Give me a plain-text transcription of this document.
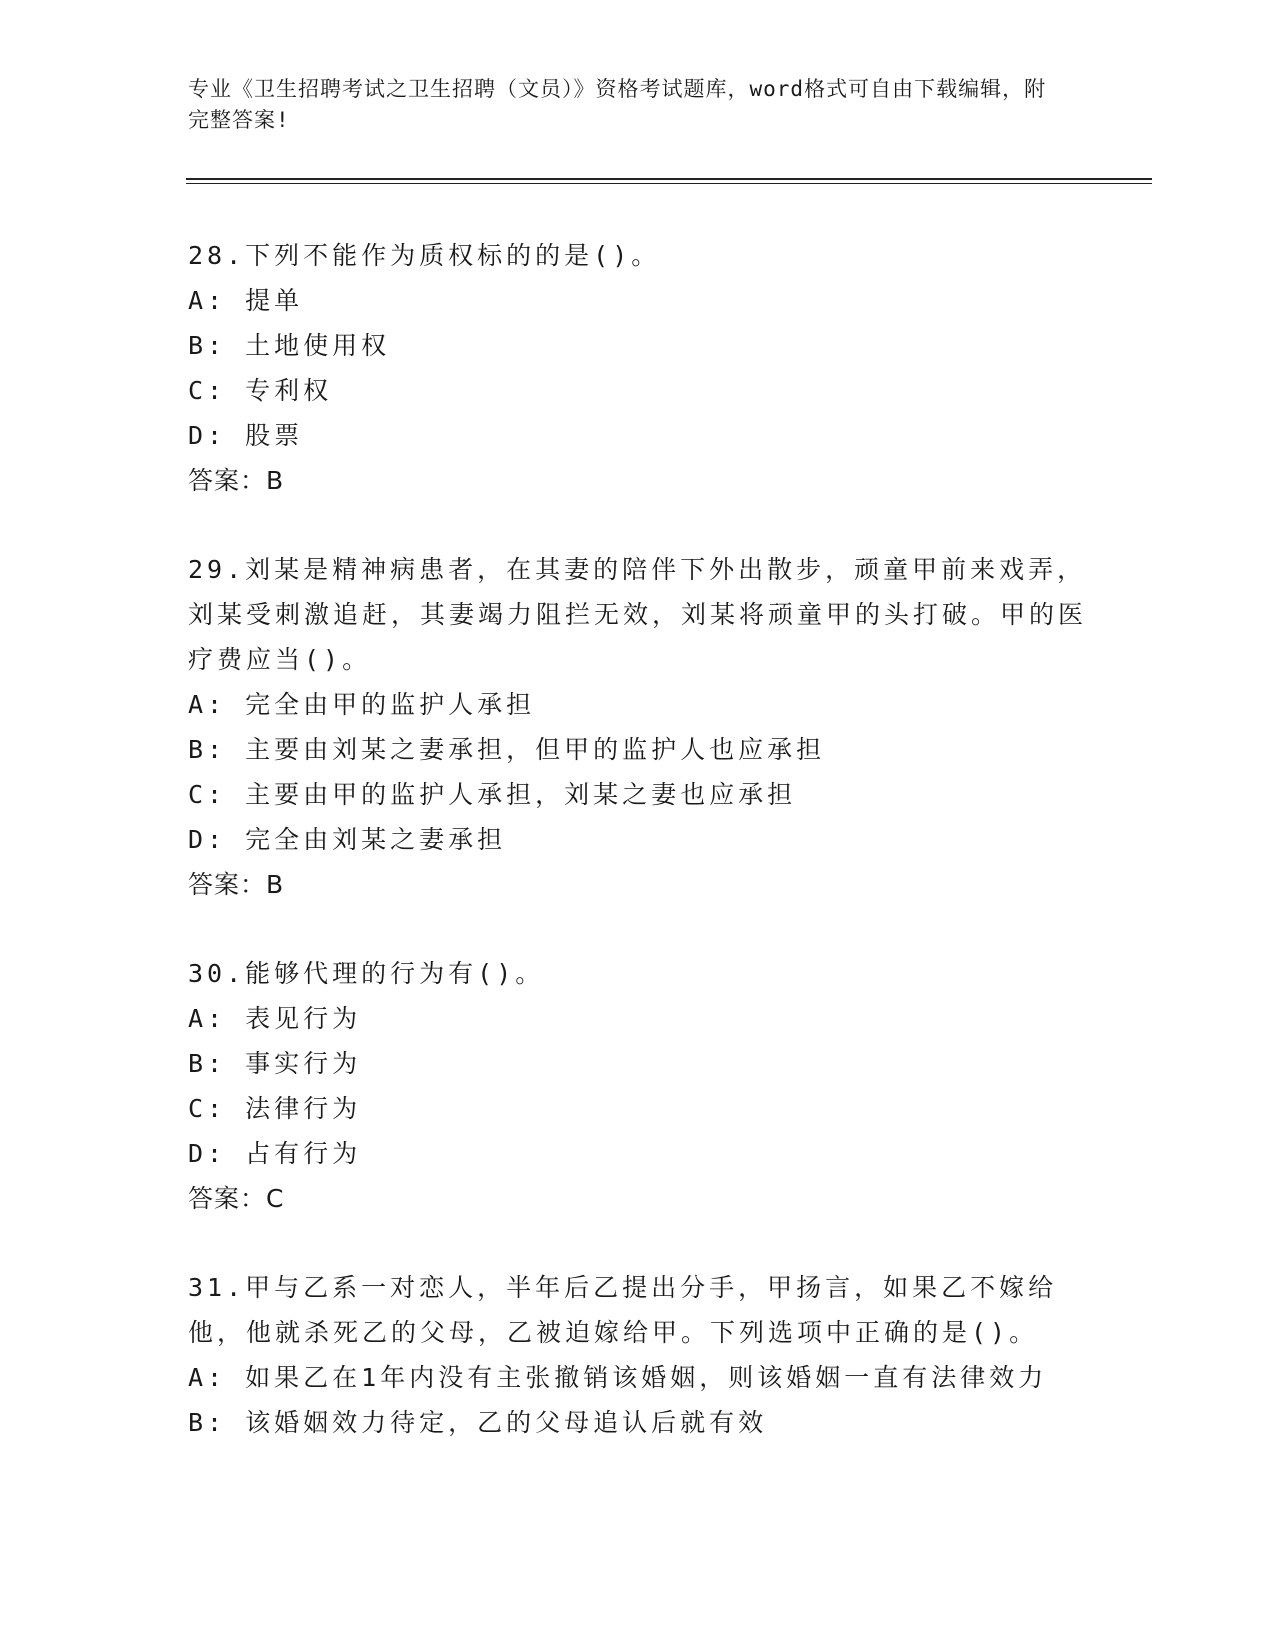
专业《卫生招聘考试之卫生招聘（文员）》资格考试题库，word格式可自由下载编辑，附完整答案!
28.下列不能作为质权标的的是()。
A: 提单
B: 土地使用权
C: 专利权
D: 股票
答案：B
29.刘某是精神病患者，在其妻的陪伴下外出散步，顽童甲前来戏弄，刘某受刺激追赶，其妻竭力阻拦无效，刘某将顽童甲的头打破。甲的医疗费应当()。
A: 完全由甲的监护人承担
B: 主要由刘某之妻承担，但甲的监护人也应承担
C: 主要由甲的监护人承担，刘某之妻也应承担
D: 完全由刘某之妻承担
答案：B
30.能够代理的行为有()。
A: 表见行为
B: 事实行为
C: 法律行为
D: 占有行为
答案：C
31.甲与乙系一对恋人，半年后乙提出分手，甲扬言，如果乙不嫁给他，他就杀死乙的父母，乙被迫嫁给甲。下列选项中正确的是()。
A: 如果乙在1年内没有主张撤销该婚姻，则该婚姻一直有法律效力
B: 该婚姻效力待定，乙的父母追认后就有效
